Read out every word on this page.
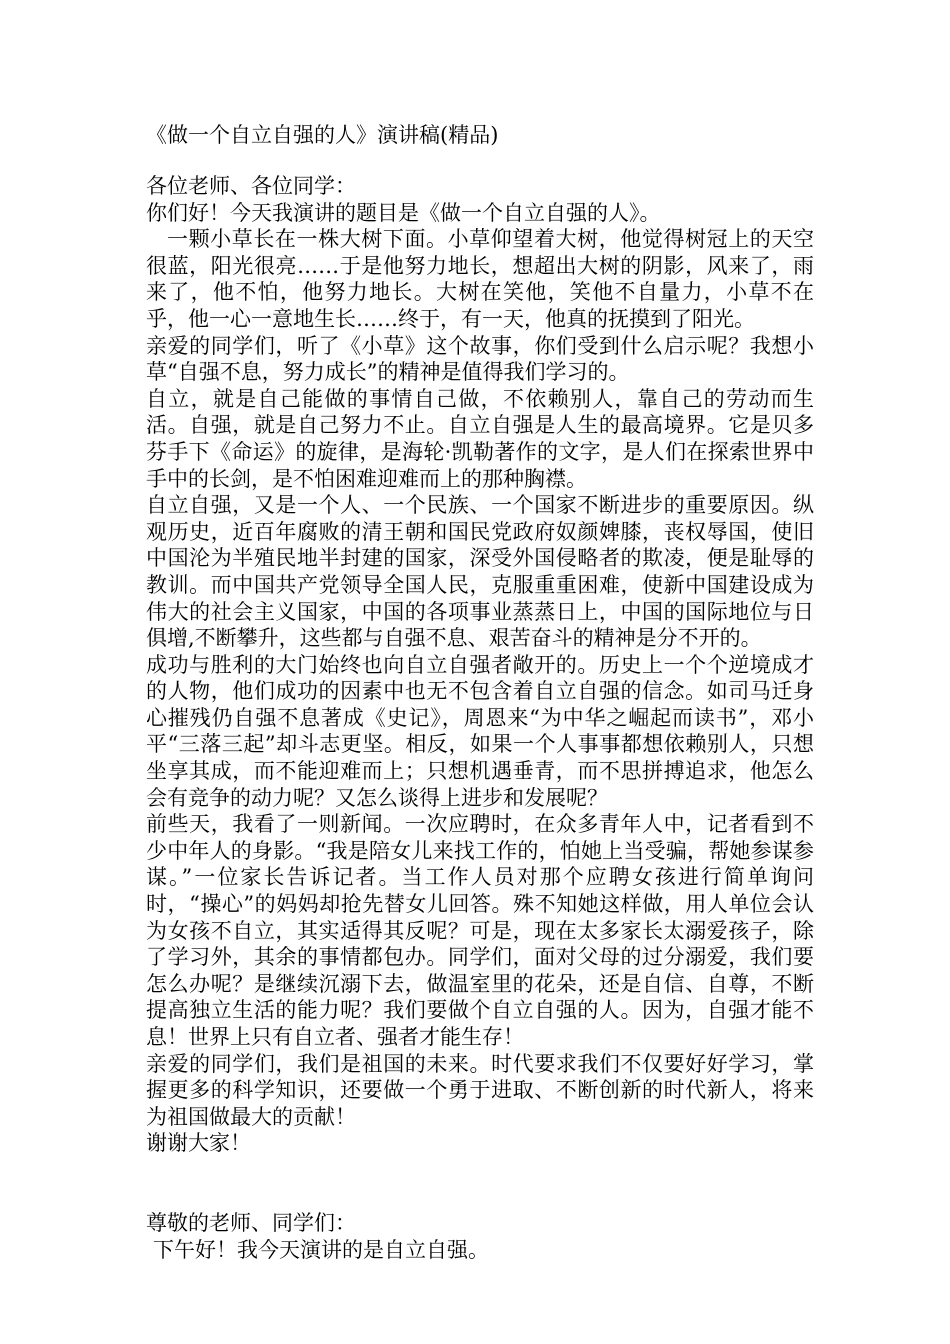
《做一个自立自强的人》演讲稿(精品)

各位老师、各位同学：

你们好！今天我演讲的题目是《做一个自立自强的人》。

一颗小草长在一株大树下面。小草仰望着大树，他觉得树冠上的天空很蓝，阳光很亮……于是他努力地长，想超出大树的阴影，风来了，雨来了，他不怕，他努力地长。大树在笑他，笑他不自量力，小草不在乎，他一心一意地生长……终于，有一天，他真的抚摸到了阳光。

亲爱的同学们，听了《小草》这个故事，你们受到什么启示呢？我想小草“自强不息，努力成长”的精神是值得我们学习的。

自立，就是自己能做的事情自己做，不依赖别人，靠自己的劳动而生活。自强，就是自己努力不止。自立自强是人生的最高境界。它是贝多芬手下《命运》的旋律，是海轮·凯勒著作的文字，是人们在探索世界中手中的长剑，是不怕困难迎难而上的那种胸襟。

自立自强，又是一个人、一个民族、一个国家不断进步的重要原因。纵观历史，近百年腐败的清王朝和国民党政府奴颜婢膝，丧权辱国，使旧中国沦为半殖民地半封建的国家，深受外国侵略者的欺凌，便是耻辱的教训。而中国共产党领导全国人民，克服重重困难，使新中国建设成为伟大的社会主义国家，中国的各项事业蒸蒸日上，中国的国际地位与日俱增,不断攀升，这些都与自强不息、艰苦奋斗的精神是分不开的。

成功与胜利的大门始终也向自立自强者敞开的。历史上一个个逆境成才的人物，他们成功的因素中也无不包含着自立自强的信念。如司马迁身心摧残仍自强不息著成《史记》，周恩来“为中华之崛起而读书”，邓小平“三落三起”却斗志更坚。相反，如果一个人事事都想依赖别人，只想坐享其成，而不能迎难而上；只想机遇垂青，而不思拼搏追求，他怎么会有竞争的动力呢？又怎么谈得上进步和发展呢？

前些天，我看了一则新闻。一次应聘时，在众多青年人中，记者看到不少中年人的身影。“我是陪女儿来找工作的，怕她上当受骗，帮她参谋参谋。”一位家长告诉记者。当工作人员对那个应聘女孩进行简单询问时，“操心”的妈妈却抢先替女儿回答。殊不知她这样做，用人单位会认为女孩不自立，其实适得其反呢？可是，现在太多家长太溺爱孩子，除了学习外，其余的事情都包办。同学们，面对父母的过分溺爱，我们要怎么办呢？是继续沉溺下去，做温室里的花朵，还是自信、自尊，不断提高独立生活的能力呢？我们要做个自立自强的人。因为，自强才能不息！世界上只有自立者、强者才能生存！

亲爱的同学们，我们是祖国的未来。时代要求我们不仅要好好学习，掌握更多的科学知识，还要做一个勇于进取、不断创新的时代新人，将来为祖国做最大的贡献！

谢谢大家！

尊敬的老师、同学们：

下午好！我今天演讲的是自立自强。
